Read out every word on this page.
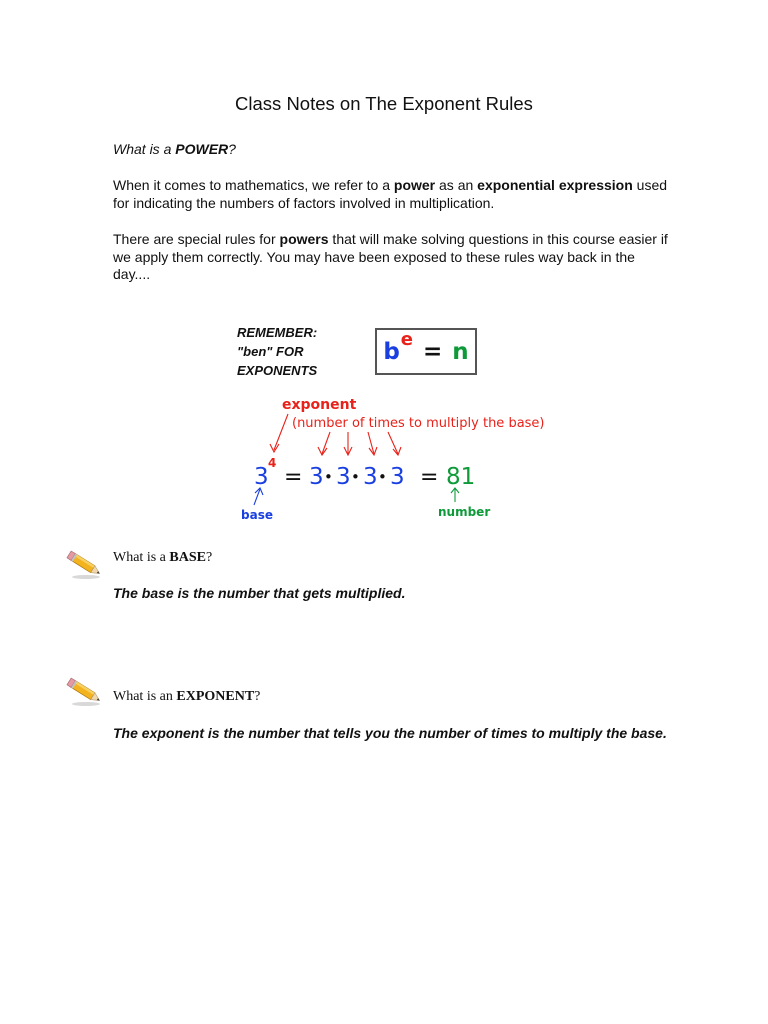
Class Notes on The Exponent Rules
What is a POWER?
When it comes to mathematics, we refer to a power as an exponential expression used for indicating the numbers of factors involved in multiplication.
There are special rules for powers that will make solving questions in this course easier if we apply them correctly. You may have been exposed to these rules way back in the day....
REMEMBER:
"ben" FOR
EXPONENTS
b e = n
exponent
(number of times to multiply the base)
3
4
= 3 • 3 • 3 • 3 = 81
base	number
What is a BASE?
The base is the number that gets multiplied.
What is an EXPONENT?
The exponent is the number that tells you the number of times to multiply the base.
